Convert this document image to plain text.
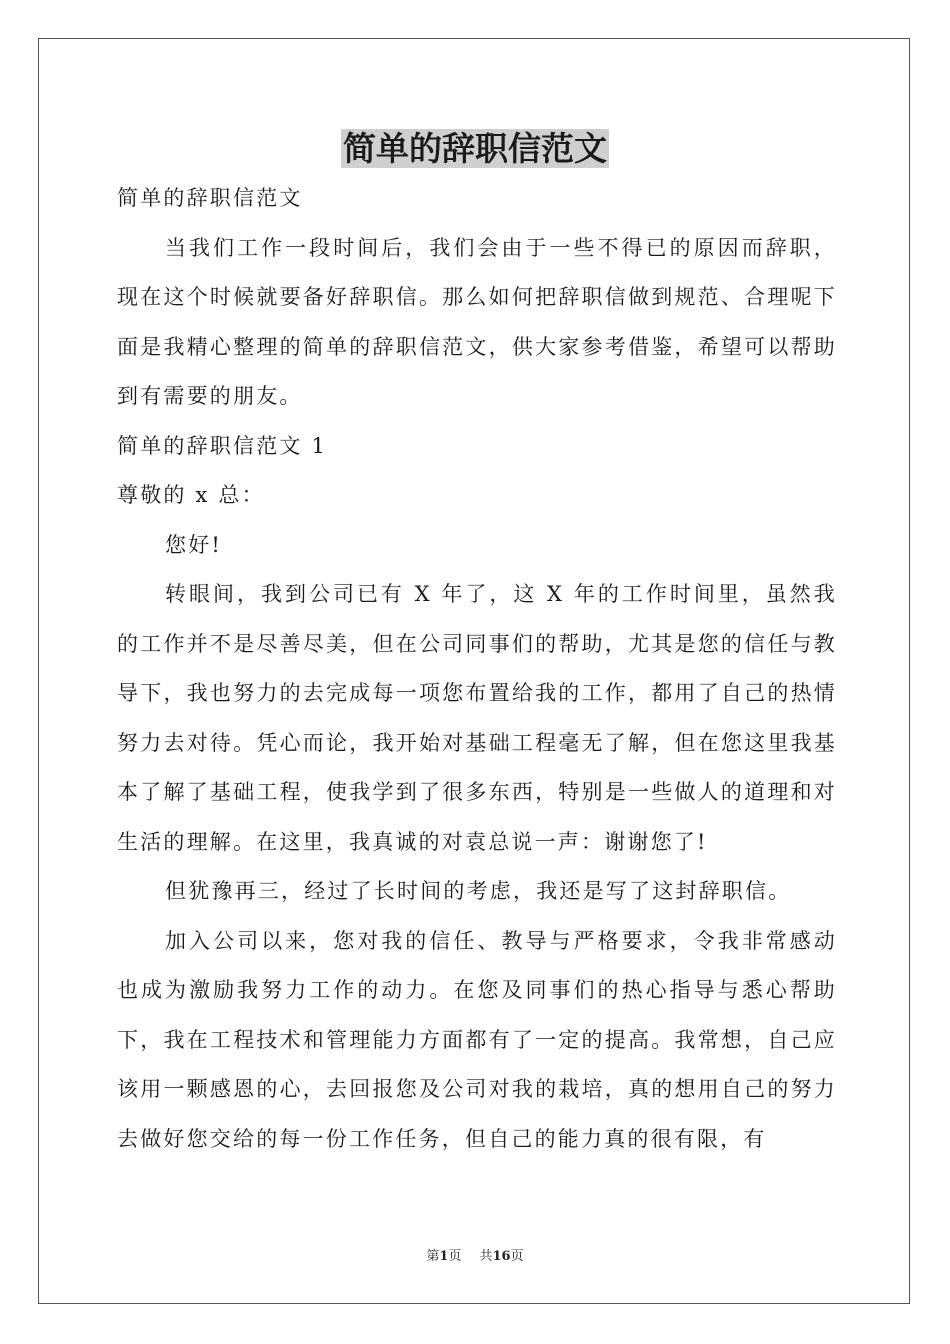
简单的辞职信范文

简单的辞职信范文

当我们工作一段时间后，我们会由于一些不得已的原因而辞职，现在这个时候就要备好辞职信。那么如何把辞职信做到规范、合理呢下面是我精心整理的简单的辞职信范文，供大家参考借鉴，希望可以帮助到有需要的朋友。

简单的辞职信范文 1

尊敬的 x 总：

您好!

转眼间，我到公司已有 X 年了，这 X 年的工作时间里，虽然我的工作并不是尽善尽美，但在公司同事们的帮助，尤其是您的信任与教导下，我也努力的去完成每一项您布置给我的工作，都用了自己的热情努力去对待。凭心而论，我开始对基础工程毫无了解，但在您这里我基本了解了基础工程，使我学到了很多东西，特别是一些做人的道理和对生活的理解。在这里，我真诚的对袁总说一声：谢谢您了!

但犹豫再三，经过了长时间的考虑，我还是写了这封辞职信。

加入公司以来，您对我的信任、教导与严格要求，令我非常感动也成为激励我努力工作的动力。在您及同事们的热心指导与悉心帮助下，我在工程技术和管理能力方面都有了一定的提高。我常想，自己应该用一颗感恩的心，去回报您及公司对我的栽培，真的想用自己的努力去做好您交给的每一份工作任务，但自己的能力真的很有限，有

第1页 共16页
